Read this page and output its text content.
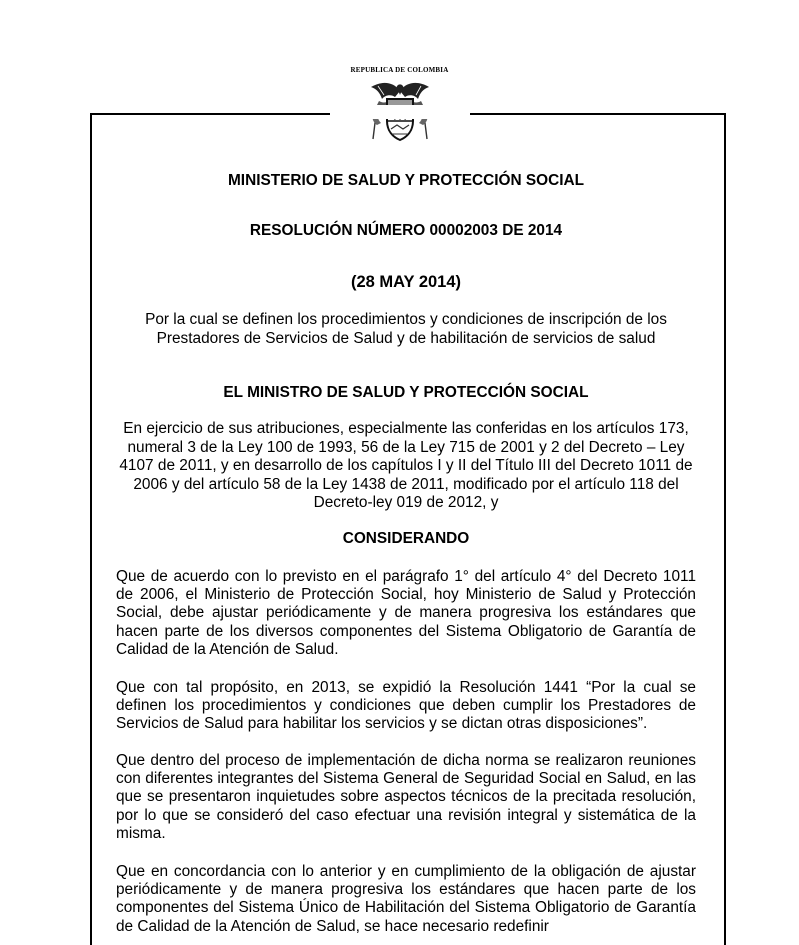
REPUBLICA DE COLOMBIA
MINISTERIO DE SALUD Y PROTECCIÓN SOCIAL
RESOLUCIÓN NÚMERO 00002003 DE 2014
(28 MAY 2014)
Por la cual se definen los procedimientos y condiciones de inscripción de los Prestadores de Servicios de Salud y de habilitación de servicios de salud
EL MINISTRO DE SALUD Y PROTECCIÓN SOCIAL
En ejercicio de sus atribuciones, especialmente las conferidas en los artículos 173, numeral 3 de la Ley 100 de 1993, 56 de la Ley 715 de 2001 y 2 del Decreto – Ley 4107 de 2011, y en desarrollo de los capítulos I y II del Título III del Decreto 1011 de 2006 y del artículo 58 de la Ley 1438 de 2011, modificado por el artículo 118 del Decreto-ley 019 de 2012, y
CONSIDERANDO
Que de acuerdo con lo previsto en el parágrafo 1° del artículo 4° del Decreto 1011 de 2006, el Ministerio de Protección Social, hoy Ministerio de Salud y Protección Social, debe ajustar periódicamente y de manera progresiva los estándares que hacen parte de los diversos componentes del Sistema Obligatorio de Garantía de Calidad de la Atención de Salud.
Que con tal propósito, en 2013, se expidió la Resolución 1441 “Por la cual se definen los procedimientos y condiciones que deben cumplir los Prestadores de Servicios de Salud para habilitar los servicios y se dictan otras disposiciones”.
Que dentro del proceso de implementación de dicha norma se realizaron reuniones con diferentes integrantes del Sistema General de Seguridad Social en Salud, en las que se presentaron inquietudes sobre aspectos técnicos de la precitada resolución, por lo que se consideró del caso efectuar una revisión integral y sistemática de la misma.
Que en concordancia con lo anterior y en cumplimiento de la obligación de ajustar periódicamente y de manera progresiva los estándares que hacen parte de los componentes del Sistema Único de Habilitación del Sistema Obligatorio de Garantía de Calidad de la Atención de Salud, se hace necesario redefinir
